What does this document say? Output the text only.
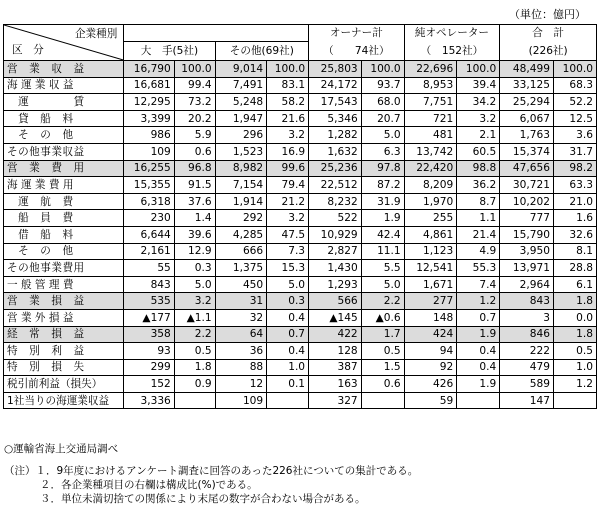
（単位：億円）
企業種別
区　分					オーナー計		純オペレーター		合　計	
	大　手(5社)		その他(69社)		（　　74社）		（　152社）		(226社)	
営　業　収　益	16,790	100.0	9,014	100.0	25,803	100.0	22,696	100.0	48,499	100.0
海 運 業 収 益	16,681	99.4	7,491	83.1	24,172	93.7	8,953	39.4	33,125	68.3
　運　　　　賃	12,295	73.2	5,248	58.2	17,543	68.0	7,751	34.2	25,294	52.2
　貸　船　料	3,399	20.2	1,947	21.6	5,346	20.7	721	3.2	6,067	12.5
　そ　の　他	986	5.9	296	3.2	1,282	5.0	481	2.1	1,763	3.6
その他事業収益	109	0.6	1,523	16.9	1,632	6.3	13,742	60.5	15,374	31.7
営　業　費　用	16,255	96.8	8,982	99.6	25,236	97.8	22,420	98.8	47,656	98.2
海 運 業 費 用	15,355	91.5	7,154	79.4	22,512	87.2	8,209	36.2	30,721	63.3
　運　航　費	6,318	37.6	1,914	21.2	8,232	31.9	1,970	8.7	10,202	21.0
　船　員　費	230	1.4	292	3.2	522	1.9	255	1.1	777	1.6
　借　船　料	6,644	39.6	4,285	47.5	10,929	42.4	4,861	21.4	15,790	32.6
　そ　の　他	2,161	12.9	666	7.3	2,827	11.1	1,123	4.9	3,950	8.1
その他事業費用	55	0.3	1,375	15.3	1,430	5.5	12,541	55.3	13,971	28.8
一 般 管 理 費	843	5.0	450	5.0	1,293	5.0	1,671	7.4	2,964	6.1
営　業　損　益	535	3.2	31	0.3	566	2.2	277	1.2	843	1.8
営 業 外 損 益	▲177	▲1.1	32	0.4	▲145	▲0.6	148	0.7	3	0.0
経　常　損　益	358	2.2	64	0.7	422	1.7	424	1.9	846	1.8
特　別　利　益	93	0.5	36	0.4	128	0.5	94	0.4	222	0.5
特　別　損　失	299	1.8	88	1.0	387	1.5	92	0.4	479	1.0
税引前利益（損失）	152	0.9	12	0.1	163	0.6	426	1.9	589	1.2
1社当りの海運業収益	3,336		109		327		59		147	
○運輸省海上交通局調べ
（注）１．9年度におけるアンケート調査に回答のあった226社についての集計である。
２．各企業種項目の右欄は構成比(%)である。
３．単位未満切捨ての関係により末尾の数字が合わない場合がある。
